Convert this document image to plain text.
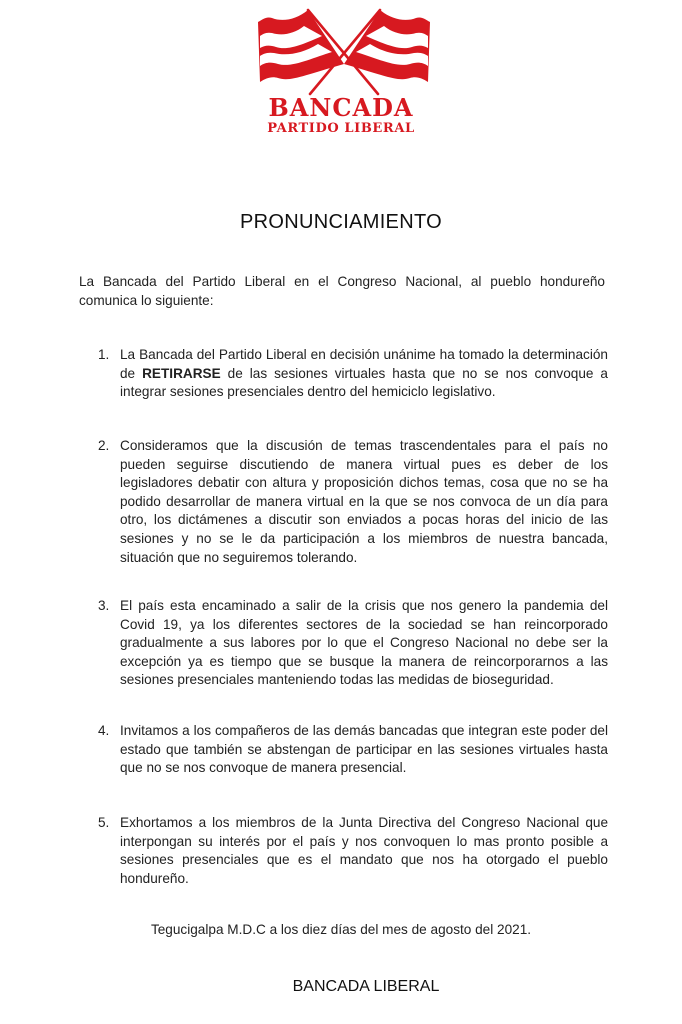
BANCADA
PARTIDO LIBERAL
PRONUNCIAMIENTO
La Bancada del Partido Liberal en el Congreso Nacional, al pueblo hondureño comunica lo siguiente:
1. La Bancada del Partido Liberal en decisión unánime ha tomado la determinación de RETIRARSE de las sesiones virtuales hasta que no se nos convoque a integrar sesiones presenciales dentro del hemiciclo legislativo.
2. Consideramos que la discusión de temas trascendentales para el país no pueden seguirse discutiendo de manera virtual pues es deber de los legisladores debatir con altura y proposición dichos temas, cosa que no se ha podido desarrollar de manera virtual en la que se nos convoca de un día para otro, los dictámenes a discutir son enviados a pocas horas del inicio de las sesiones y no se le da participación a los miembros de nuestra bancada, situación que no seguiremos tolerando.
3. El país esta encaminado a salir de la crisis que nos genero la pandemia del Covid 19, ya los diferentes sectores de la sociedad se han reincorporado gradualmente a sus labores por lo que el Congreso Nacional no debe ser la excepción ya es tiempo que se busque la manera de reincorporarnos a las sesiones presenciales manteniendo todas las medidas de bioseguridad.
4. Invitamos a los compañeros de las demás bancadas que integran este poder del estado que también se abstengan de participar en las sesiones virtuales hasta que no se nos convoque de manera presencial.
5. Exhortamos a los miembros de la Junta Directiva del Congreso Nacional que interpongan su interés por el país y nos convoquen lo mas pronto posible a sesiones presenciales que es el mandato que nos ha otorgado el pueblo hondureño.
Tegucigalpa M.D.C a los diez días del mes de agosto del 2021.
BANCADA LIBERAL
